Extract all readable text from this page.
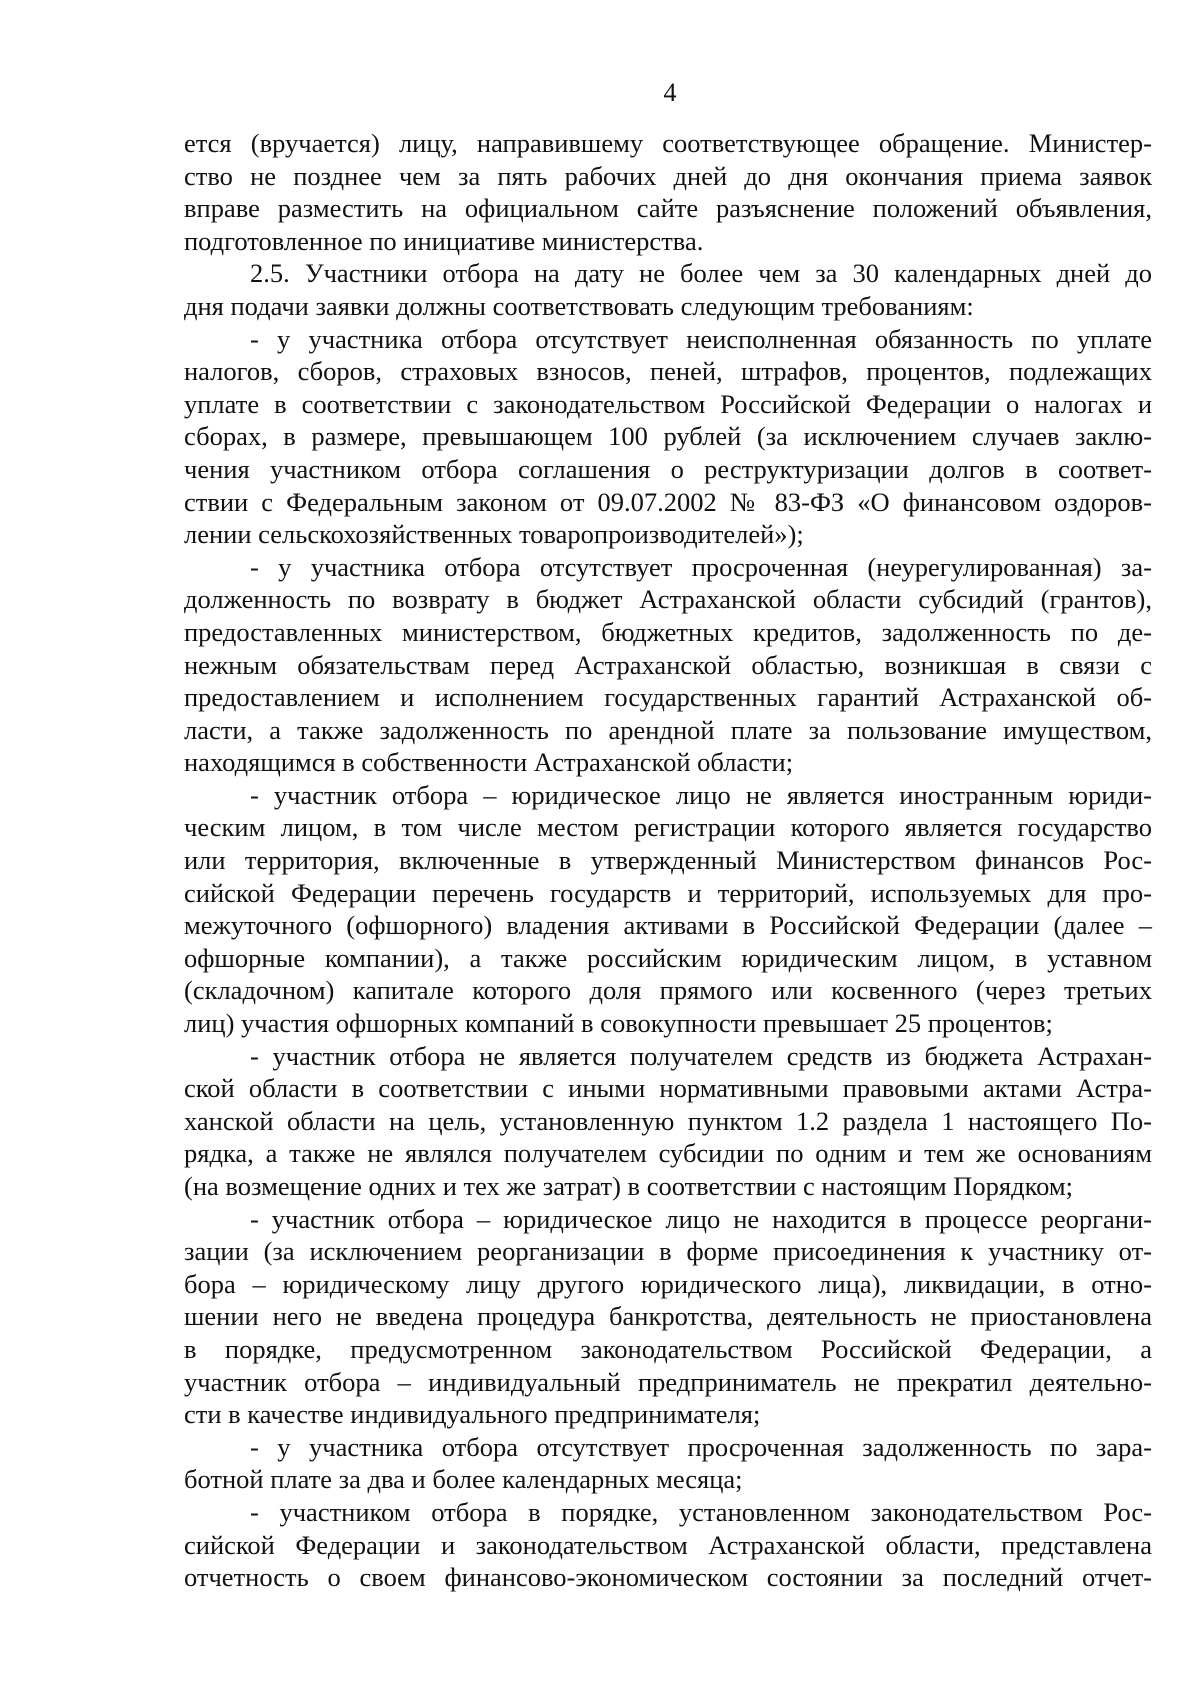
4
ется (вручается) лицу, направившему соответствующее обращение. Министер-
ство не позднее чем за пять рабочих дней до дня окончания приема заявок
вправе разместить на официальном сайте разъяснение положений объявления,
подготовленное по инициативе министерства.
2.5. Участники отбора на дату не более чем за 30 календарных дней до
дня подачи заявки должны соответствовать следующим требованиям:
- у участника отбора отсутствует неисполненная обязанность по уплате
налогов, сборов, страховых взносов, пеней, штрафов, процентов, подлежащих
уплате в соответствии с законодательством Российской Федерации о налогах и
сборах, в размере, превышающем 100 рублей (за исключением случаев заклю-
чения участником отбора соглашения о реструктуризации долгов в соответ-
ствии с Федеральным законом от 09.07.2002 № 83-ФЗ «О финансовом оздоров-
лении сельскохозяйственных товаропроизводителей»);
- у участника отбора отсутствует просроченная (неурегулированная) за-
долженность по возврату в бюджет Астраханской области субсидий (грантов),
предоставленных министерством, бюджетных кредитов, задолженность по де-
нежным обязательствам перед Астраханской областью, возникшая в связи с
предоставлением и исполнением государственных гарантий Астраханской об-
ласти, а также задолженность по арендной плате за пользование имуществом,
находящимся в собственности Астраханской области;
- участник отбора – юридическое лицо не является иностранным юриди-
ческим лицом, в том числе местом регистрации которого является государство
или территория, включенные в утвержденный Министерством финансов Рос-
сийской Федерации перечень государств и территорий, используемых для про-
межуточного (офшорного) владения активами в Российской Федерации (далее –
офшорные компании), а также российским юридическим лицом, в уставном
(складочном) капитале которого доля прямого или косвенного (через третьих
лиц) участия офшорных компаний в совокупности превышает 25 процентов;
- участник отбора не является получателем средств из бюджета Астрахан-
ской области в соответствии с иными нормативными правовыми актами Астра-
ханской области на цель, установленную пунктом 1.2 раздела 1 настоящего По-
рядка, а также не являлся получателем субсидии по одним и тем же основаниям
(на возмещение одних и тех же затрат) в соответствии с настоящим Порядком;
- участник отбора – юридическое лицо не находится в процессе реоргани-
зации (за исключением реорганизации в форме присоединения к участнику от-
бора – юридическому лицу другого юридического лица), ликвидации, в отно-
шении него не введена процедура банкротства, деятельность не приостановлена
в порядке, предусмотренном законодательством Российской Федерации, а
участник отбора – индивидуальный предприниматель не прекратил деятельно-
сти в качестве индивидуального предпринимателя;
- у участника отбора отсутствует просроченная задолженность по зара-
ботной плате за два и более календарных месяца;
- участником отбора в порядке, установленном законодательством Рос-
сийской Федерации и законодательством Астраханской области, представлена
отчетность о своем финансово-экономическом состоянии за последний отчет-
